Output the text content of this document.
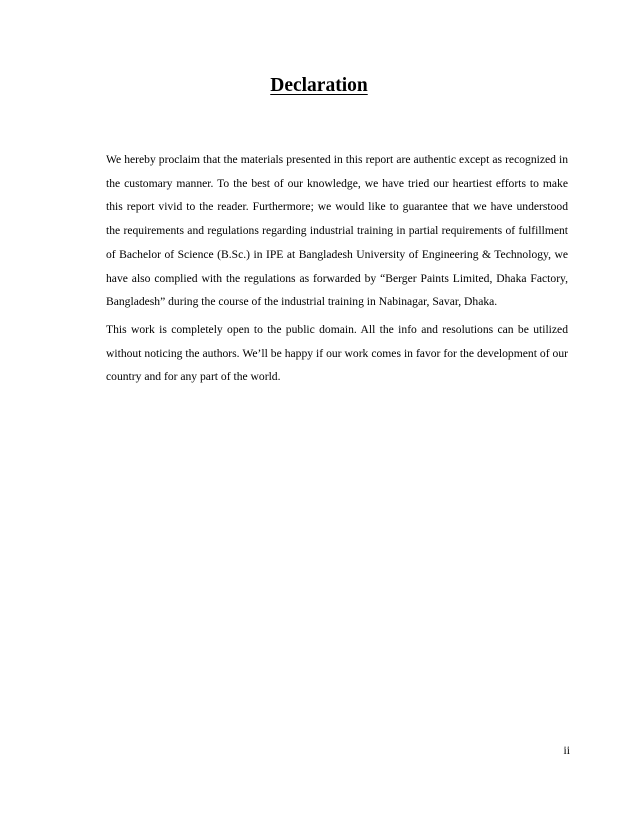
Declaration

We hereby proclaim that the materials presented in this report are authentic except as recognized in the customary manner. To the best of our knowledge, we have tried our heartiest efforts to make this report vivid to the reader. Furthermore; we would like to guarantee that we have understood the requirements and regulations regarding industrial training in partial requirements of fulfillment of Bachelor of Science (B.Sc.) in IPE at Bangladesh University of Engineering & Technology, we have also complied with the regulations as forwarded by “Berger Paints Limited, Dhaka Factory, Bangladesh” during the course of the industrial training in Nabinagar, Savar, Dhaka.

This work is completely open to the public domain. All the info and resolutions can be utilized without noticing the authors. We’ll be happy if our work comes in favor for the development of our country and for any part of the world.

ii
